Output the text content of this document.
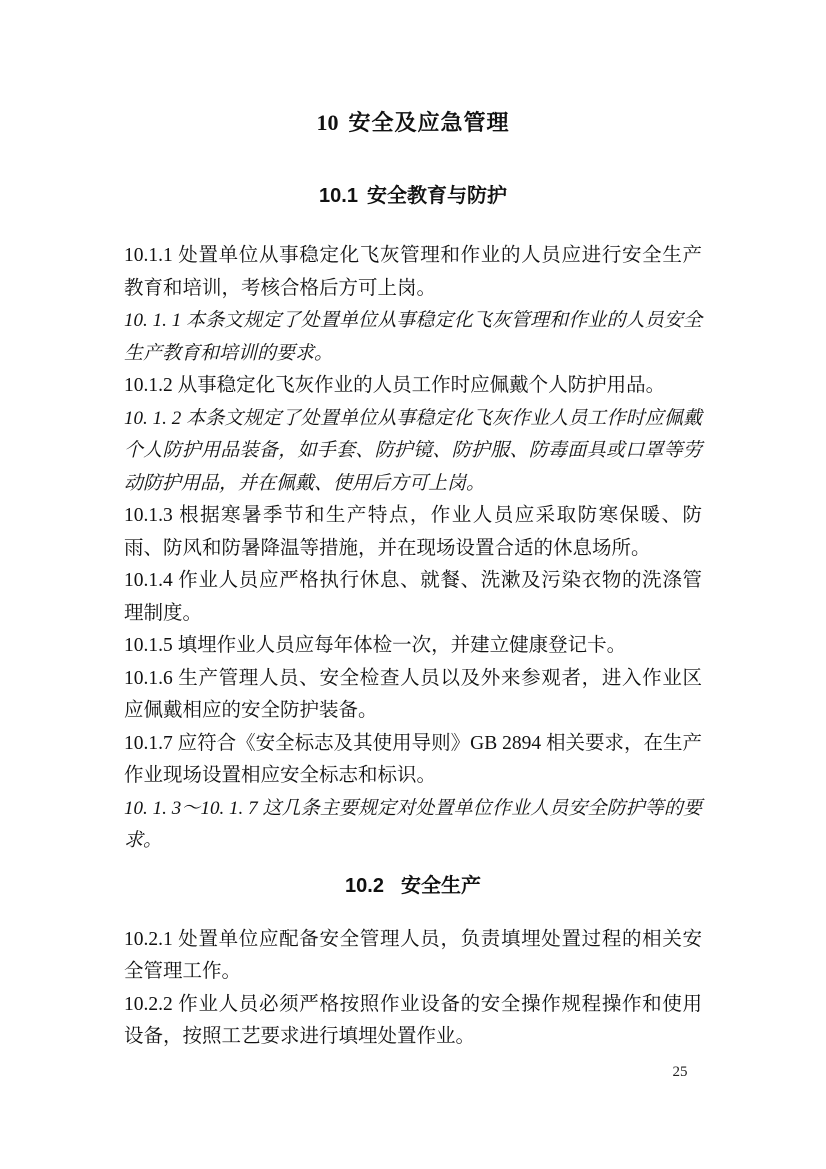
10 安全及应急管理
10.1 安全教育与防护

10.1.1 处置单位从事稳定化飞灰管理和作业的人员应进行安全生产教育和培训，考核合格后方可上岗。

10. 1. 1 本条文规定了处置单位从事稳定化飞灰管理和作业的人员安全生产教育和培训的要求。

10.1.2 从事稳定化飞灰作业的人员工作时应佩戴个人防护用品。

10. 1. 2 本条文规定了处置单位从事稳定化飞灰作业人员工作时应佩戴个人防护用品装备，如手套、防护镜、防护服、防毒面具或口罩等劳动防护用品，并在佩戴、使用后方可上岗。

10.1.3 根据寒暑季节和生产特点，作业人员应采取防寒保暖、防雨、防风和防暑降温等措施，并在现场设置合适的休息场所。

10.1.4 作业人员应严格执行休息、就餐、洗漱及污染衣物的洗涤管理制度。

10.1.5 填埋作业人员应每年体检一次，并建立健康登记卡。

10.1.6 生产管理人员、安全检查人员以及外来参观者，进入作业区应佩戴相应的安全防护装备。

10.1.7 应符合《安全标志及其使用导则》GB 2894 相关要求，在生产作业现场设置相应安全标志和标识。

10. 1. 3～10. 1. 7 这几条主要规定对处置单位作业人员安全防护等的要求。

10.2 安全生产

10.2.1 处置单位应配备安全管理人员，负责填埋处置过程的相关安全管理工作。

10.2.2 作业人员必须严格按照作业设备的安全操作规程操作和使用设备，按照工艺要求进行填埋处置作业。

25
